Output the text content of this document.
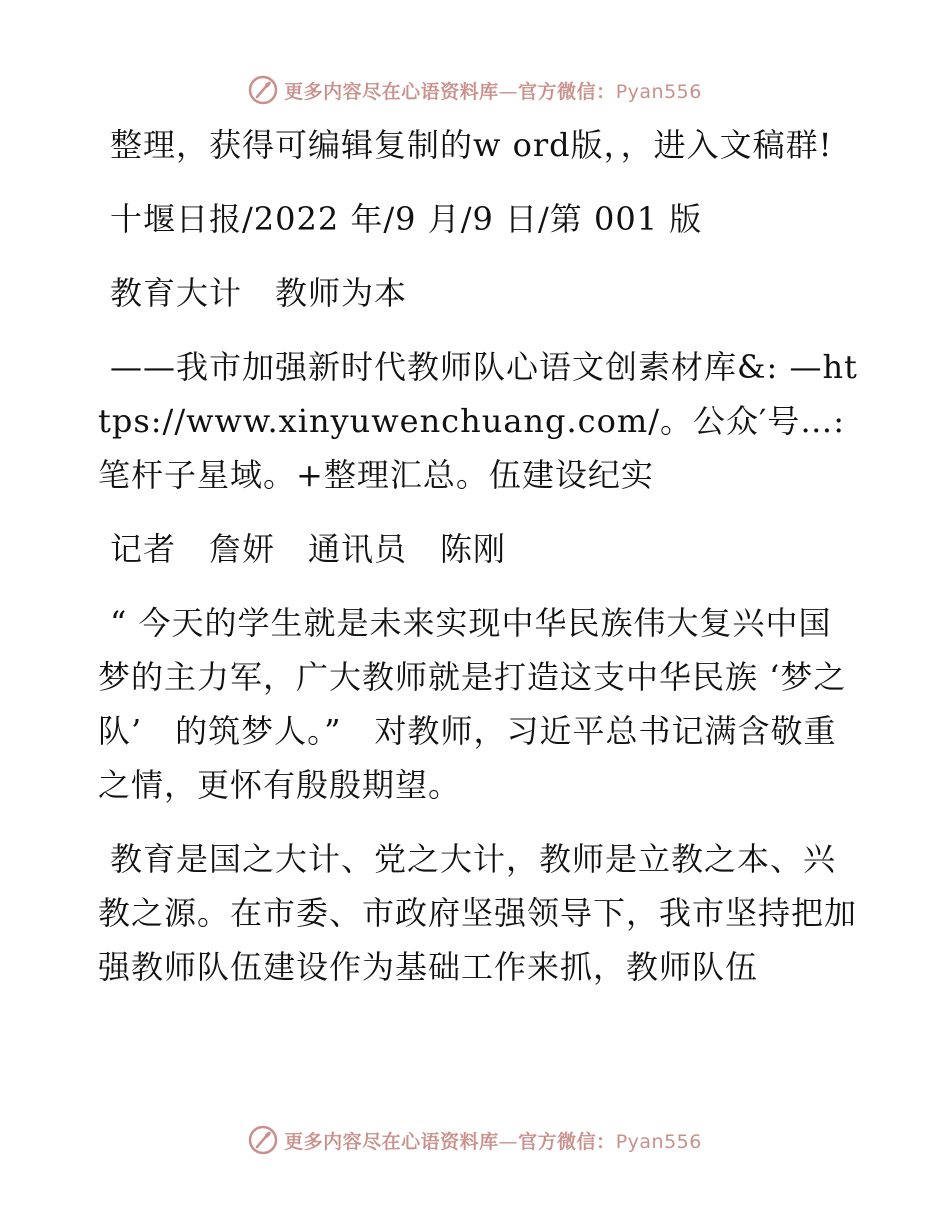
更多内容尽在心语资料库—官方微信：Pyan556

整理，获得可编辑复制的w ord版，，进入文稿群!

十堰日报/2022 年/9 月/9 日/第 001 版

教育大计　教师为本

——我市加强新时代教师队心语文创素材库&: —https://www.xinyuwenchuang.com/。公众′号…:笔杆子星域。+整理汇总。伍建设纪实

记者　詹妍　通讯员　陈刚

“ 今天的学生就是未来实现中华民族伟大复兴中国梦的主力军，广大教师就是打造这支中华民族 ‘梦之队’　的筑梦人。”　对教师，习近平总书记满含敬重之情，更怀有殷殷期望。

教育是国之大计、党之大计，教师是立教之本、兴教之源。在市委、市政府坚强领导下，我市坚持把加强教师队伍建设作为基础工作来抓，教师队伍

更多内容尽在心语资料库—官方微信：Pyan556
